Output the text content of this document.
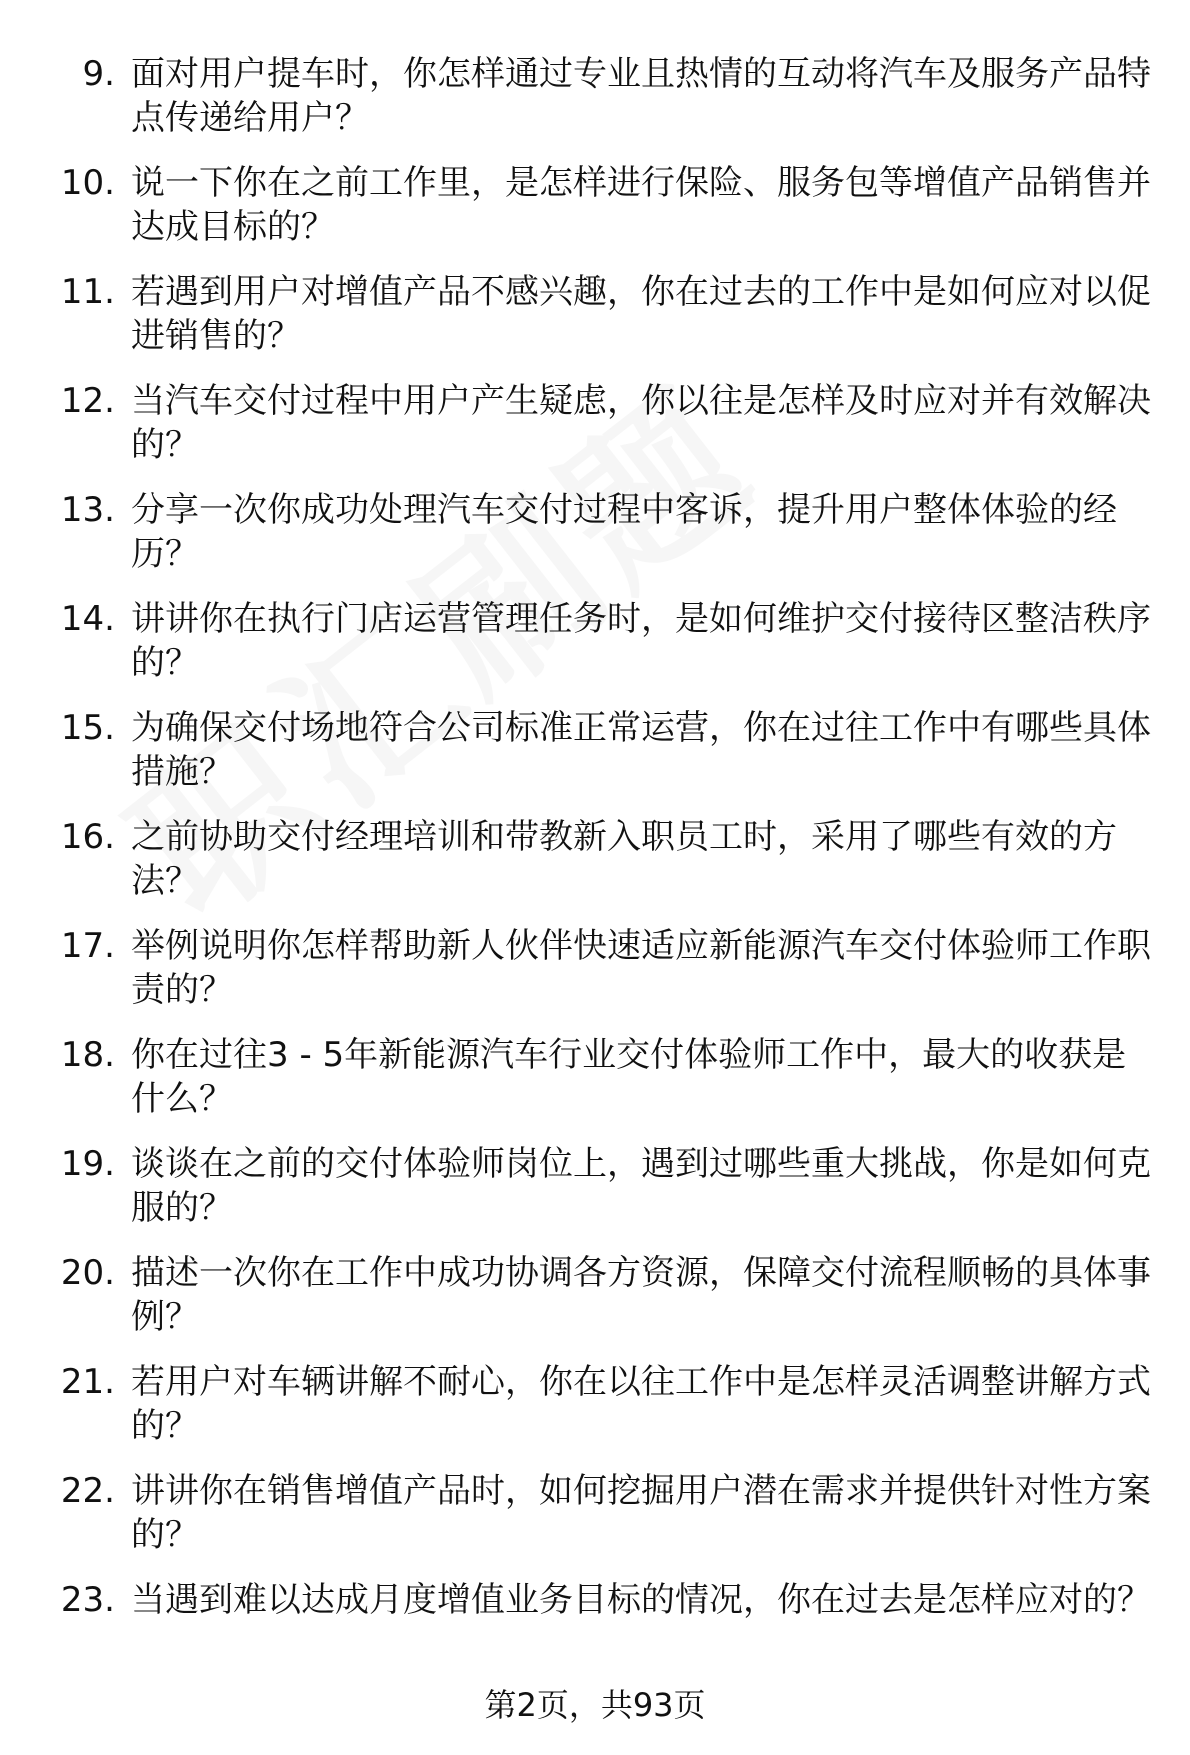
9. 面对用户提车时，你怎样通过专业且热情的互动将汽车及服务产品特点传递给用户？
10. 说一下你在之前工作里，是怎样进行保险、服务包等增值产品销售并达成目标的？
11. 若遇到用户对增值产品不感兴趣，你在过去的工作中是如何应对以促进销售的？
12. 当汽车交付过程中用户产生疑虑，你以往是怎样及时应对并有效解决的？
13. 分享一次你成功处理汽车交付过程中客诉，提升用户整体体验的经历？
14. 讲讲你在执行门店运营管理任务时，是如何维护交付接待区整洁秩序的？
15. 为确保交付场地符合公司标准正常运营，你在过往工作中有哪些具体措施？
16. 之前协助交付经理培训和带教新入职员工时，采用了哪些有效的方法？
17. 举例说明你怎样帮助新人伙伴快速适应新能源汽车交付体验师工作职责的？
18. 你在过往3 - 5年新能源汽车行业交付体验师工作中，最大的收获是什么？
19. 谈谈在之前的交付体验师岗位上，遇到过哪些重大挑战，你是如何克服的？
20. 描述一次你在工作中成功协调各方资源，保障交付流程顺畅的具体事例？
21. 若用户对车辆讲解不耐心，你在以往工作中是怎样灵活调整讲解方式的？
22. 讲讲你在销售增值产品时，如何挖掘用户潜在需求并提供针对性方案的？
23. 当遇到难以达成月度增值业务目标的情况，你在过去是怎样应对的？
第2页，共93页
